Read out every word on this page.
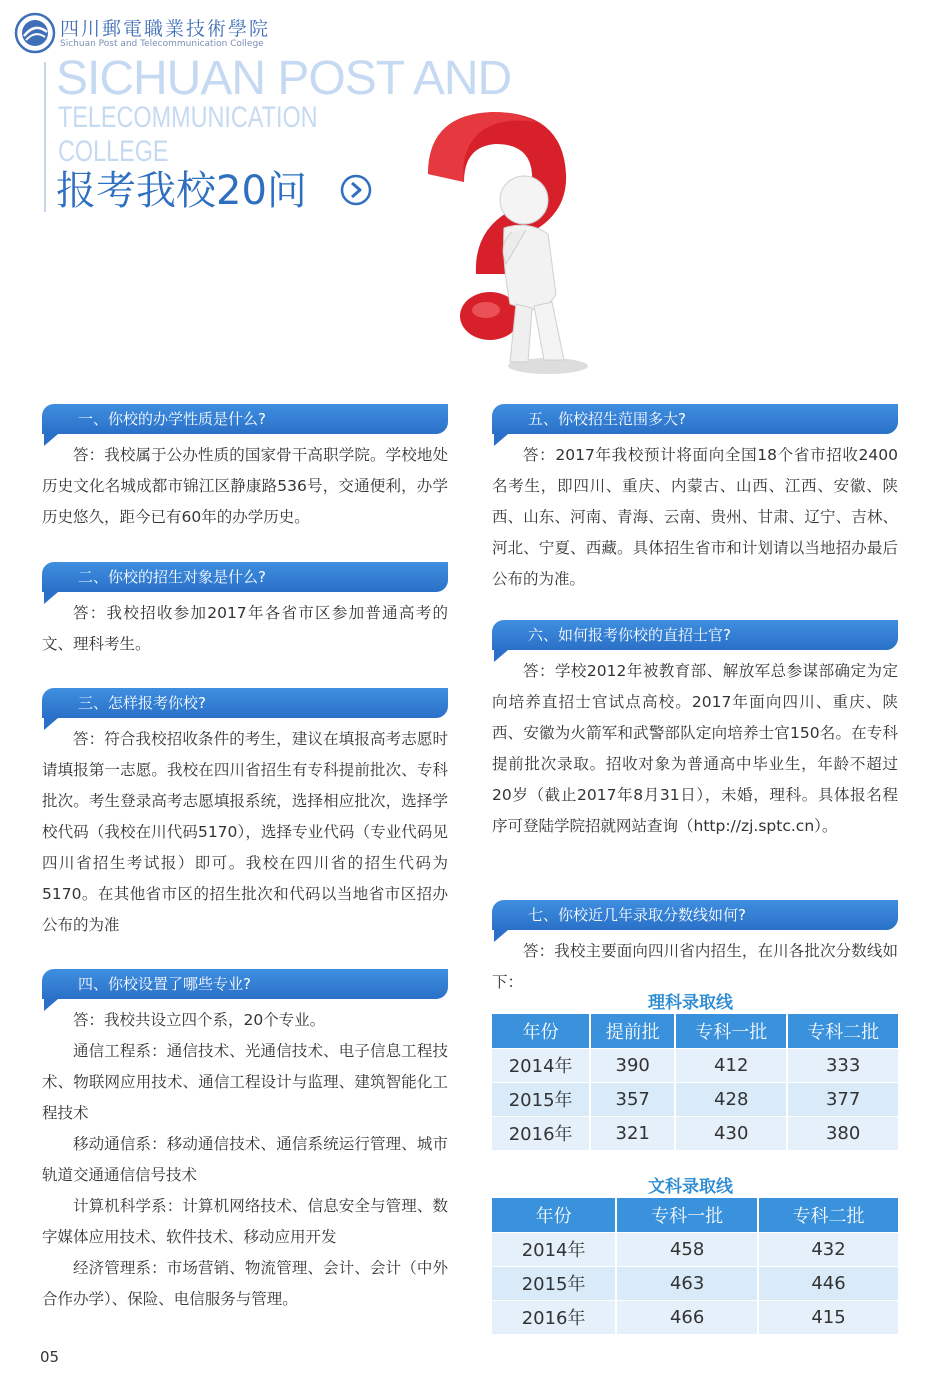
四川郵電職業技術學院
Sichuan Post and Telecommunication College
SICHUAN POST AND
TELECOMMUNICATION
COLLEGE
报考我校20问
一、你校的办学性质是什么?

答：我校属于公办性质的国家骨干高职学院。学校地处历史文化名城成都市锦江区静康路536号，交通便利，办学历史悠久，距今已有60年的办学历史。

二、你校的招生对象是什么?

答：我校招收参加2017年各省市区参加普通高考的文、理科考生。

三、怎样报考你校?

答：符合我校招收条件的考生，建议在填报高考志愿时请填报第一志愿。我校在四川省招生有专科提前批次、专科批次。考生登录高考志愿填报系统，选择相应批次，选择学校代码（我校在川代码5170），选择专业代码（专业代码见四川省招生考试报）即可。我校在四川省的招生代码为5170。在其他省市区的招生批次和代码以当地省市区招办公布的为准

四、你校设置了哪些专业?

答：我校共设立四个系，20个专业。

通信工程系：通信技术、光通信技术、电子信息工程技术、物联网应用技术、通信工程设计与监理、建筑智能化工程技术

移动通信系：移动通信技术、通信系统运行管理、城市轨道交通通信信号技术

计算机科学系：计算机网络技术、信息安全与管理、数字媒体应用技术、软件技术、移动应用开发

经济管理系：市场营销、物流管理、会计、会计（中外合作办学）、保险、电信服务与管理。

五、你校招生范围多大?

答：2017年我校预计将面向全国18个省市招收2400名考生，即四川、重庆、内蒙古、山西、江西、安徽、陕西、山东、河南、青海、云南、贵州、甘肃、辽宁、吉林、河北、宁夏、西藏。具体招生省市和计划请以当地招办最后公布的为准。

六、如何报考你校的直招士官?

答：学校2012年被教育部、解放军总参谋部确定为定向培养直招士官试点高校。2017年面向四川、重庆、陕西、安徽为火箭军和武警部队定向培养士官150名。在专科提前批次录取。招收对象为普通高中毕业生，年龄不超过20岁（截止2017年8月31日），未婚，理科。具体报名程序可登陆学院招就网站查询（http://zj.sptc.cn）。

七、你校近几年录取分数线如何?

答：我校主要面向四川省内招生，在川各批次分数线如下：

理科录取线
年份	提前批	专科一批	专科二批
2014年	390	412	333
2015年	357	428	377
2016年	321	430	380
文科录取线
年份	专科一批	专科二批
2014年	458	432
2015年	463	446
2016年	466	415
05
